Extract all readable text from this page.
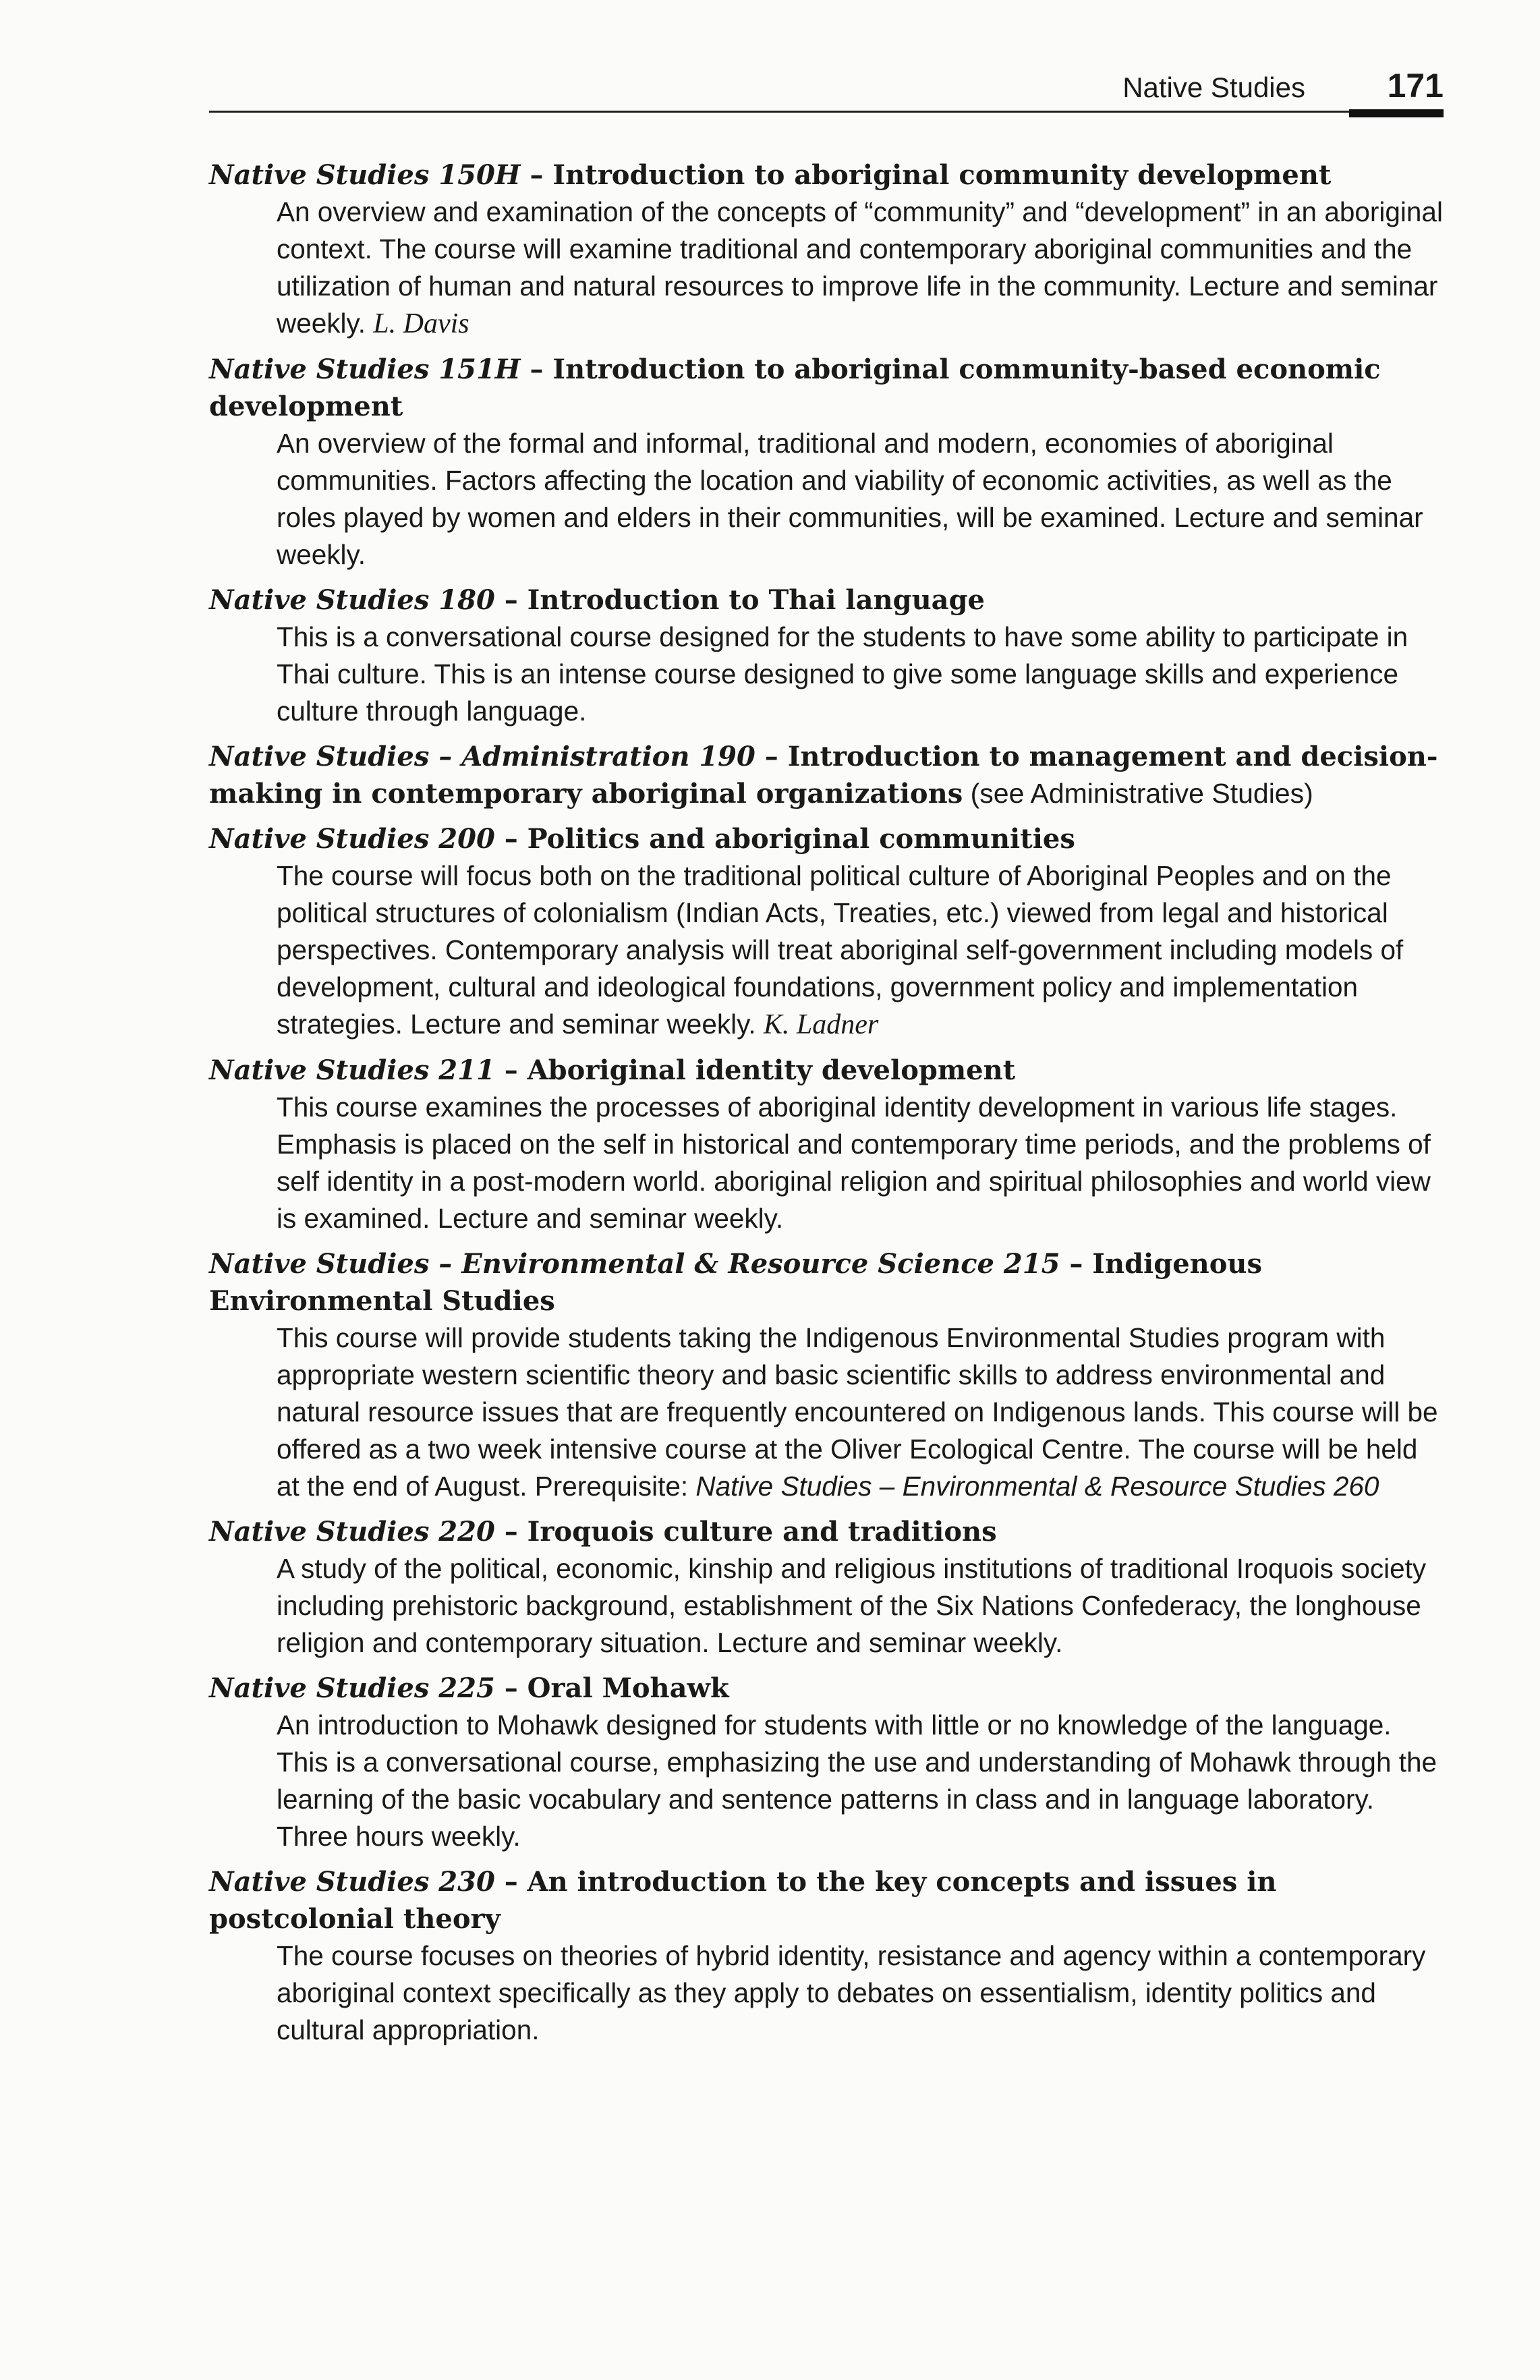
Native Studies 171

Native Studies 150H – Introduction to aboriginal community development

An overview and examination of the concepts of “community” and “development” in an aboriginal context. The course will examine traditional and contemporary aboriginal communities and the utilization of human and natural resources to improve life in the community. Lecture and seminar weekly. L. Davis

Native Studies 151H – Introduction to aboriginal community-based economic development

An overview of the formal and informal, traditional and modern, economies of aboriginal communities. Factors affecting the location and viability of economic activities, as well as the roles played by women and elders in their communities, will be examined. Lecture and seminar weekly.

Native Studies 180 – Introduction to Thai language

This is a conversational course designed for the students to have some ability to participate in Thai culture. This is an intense course designed to give some language skills and experience culture through language.

Native Studies – Administration 190 – Introduction to management and decision-making in contemporary aboriginal organizations (see Administrative Studies)

Native Studies 200 – Politics and aboriginal communities

The course will focus both on the traditional political culture of Aboriginal Peoples and on the political structures of colonialism (Indian Acts, Treaties, etc.) viewed from legal and historical perspectives. Contemporary analysis will treat aboriginal self-government including models of development, cultural and ideological foundations, government policy and implementation strategies. Lecture and seminar weekly. K. Ladner

Native Studies 211 – Aboriginal identity development

This course examines the processes of aboriginal identity development in various life stages. Emphasis is placed on the self in historical and contemporary time periods, and the problems of self identity in a post-modern world. aboriginal religion and spiritual philosophies and world view is examined. Lecture and seminar weekly.

Native Studies – Environmental & Resource Science 215 – Indigenous Environmental Studies

This course will provide students taking the Indigenous Environmental Studies program with appropriate western scientific theory and basic scientific skills to address environmental and natural resource issues that are frequently encountered on Indigenous lands. This course will be offered as a two week intensive course at the Oliver Ecological Centre. The course will be held at the end of August. Prerequisite: Native Studies – Environmental & Resource Studies 260

Native Studies 220 – Iroquois culture and traditions

A study of the political, economic, kinship and religious institutions of traditional Iroquois society including prehistoric background, establishment of the Six Nations Confederacy, the longhouse religion and contemporary situation. Lecture and seminar weekly.

Native Studies 225 – Oral Mohawk

An introduction to Mohawk designed for students with little or no knowledge of the language. This is a conversational course, emphasizing the use and understanding of Mohawk through the learning of the basic vocabulary and sentence patterns in class and in language laboratory. Three hours weekly.

Native Studies 230 – An introduction to the key concepts and issues in postcolonial theory

The course focuses on theories of hybrid identity, resistance and agency within a contemporary aboriginal context specifically as they apply to debates on essentialism, identity politics and cultural appropriation.
